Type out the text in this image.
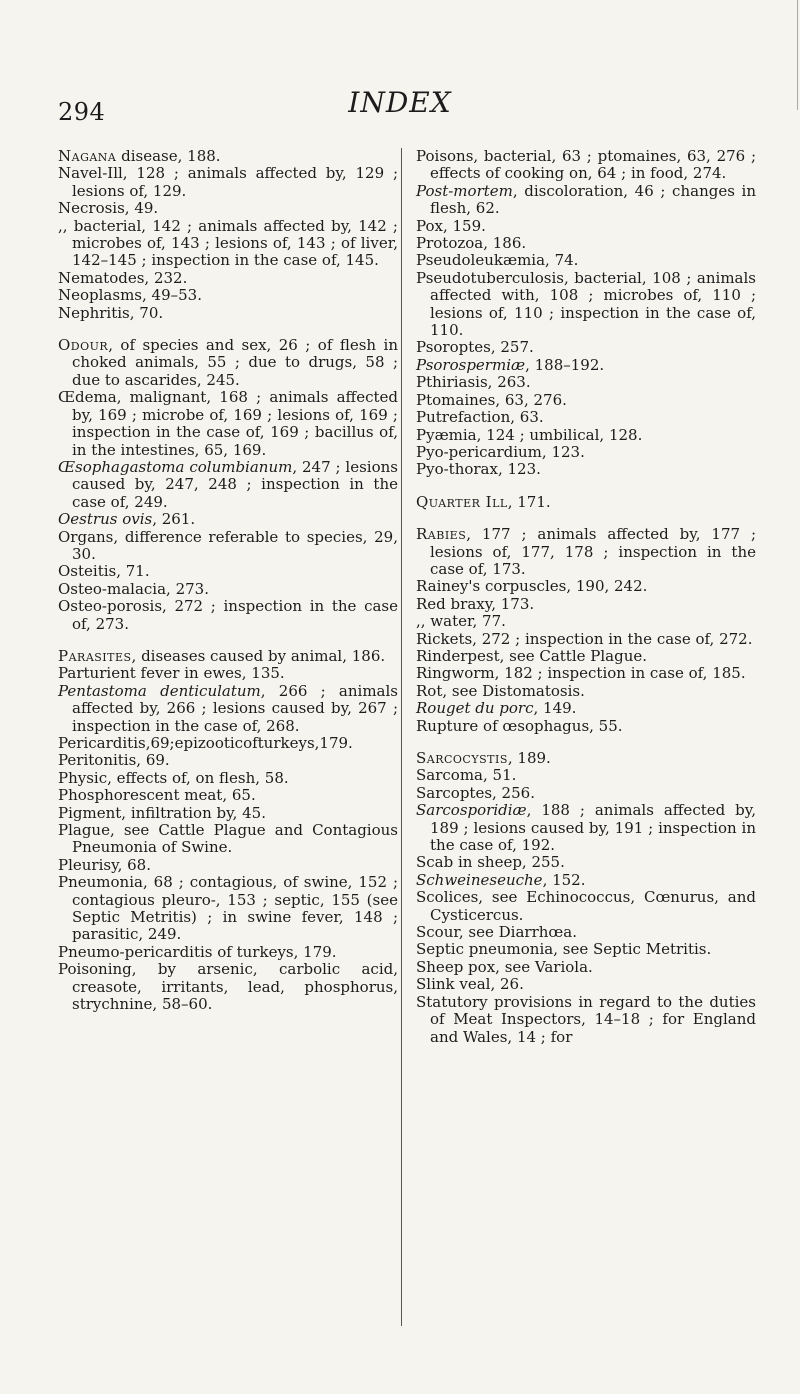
294	INDEX
Nagana disease, 188.
Navel-Ill, 128 ; animals affected by, 129 ; lesions of, 129.
Necrosis, 49.
,, bacterial, 142 ; animals affected by, 142 ; microbes of, 143 ; lesions of, 143 ; of liver, 142–145 ; inspection in the case of, 145.
Nematodes, 232.
Neoplasms, 49–53.
Nephritis, 70.
Odour, of species and sex, 26 ; of flesh in choked animals, 55 ; due to drugs, 58 ; due to ascarides, 245.
Œdema, malignant, 168 ; animals affected by, 169 ; microbe of, 169 ; lesions of, 169 ; inspection in the case of, 169 ; bacillus of, in the intestines, 65, 169.
Œsophagastoma columbianum, 247 ; lesions caused by, 247, 248 ; inspection in the case of, 249.
Oestrus ovis, 261.
Organs, difference referable to species, 29, 30.
Osteitis, 71.
Osteo-malacia, 273.
Osteo-porosis, 272 ; inspection in the case of, 273.
Parasites, diseases caused by animal, 186.
Parturient fever in ewes, 135.
Pentastoma denticulatum, 266 ; animals affected by, 266 ; lesions caused by, 267 ; inspection in the case of, 268.
Pericarditis,69;epizooticofturkeys,179.
Peritonitis, 69.
Physic, effects of, on flesh, 58.
Phosphorescent meat, 65.
Pigment, infiltration by, 45.
Plague, see Cattle Plague and Contagious Pneumonia of Swine.
Pleurisy, 68.
Pneumonia, 68 ; contagious, of swine, 152 ; contagious pleuro-, 153 ; septic, 155 (see Septic Metritis) ; in swine fever, 148 ; parasitic, 249.
Pneumo-pericarditis of turkeys, 179.
Poisoning, by arsenic, carbolic acid, creasote, irritants, lead, phosphorus, strychnine, 58–60.
Poisons, bacterial, 63 ; ptomaines, 63, 276 ; effects of cooking on, 64 ; in food, 274.
Post-mortem, discoloration, 46 ; changes in flesh, 62.
Pox, 159.
Protozoa, 186.
Pseudoleukæmia, 74.
Pseudotuberculosis, bacterial, 108 ; animals affected with, 108 ; microbes of, 110 ; lesions of, 110 ; inspection in the case of, 110.
Psoroptes, 257.
Psorospermiæ, 188–192.
Pthiriasis, 263.
Ptomaines, 63, 276.
Putrefaction, 63.
Pyæmia, 124 ; umbilical, 128.
Pyo-pericardium, 123.
Pyo-thorax, 123.
Quarter Ill, 171.
Rabies, 177 ; animals affected by, 177 ; lesions of, 177, 178 ; inspection in the case of, 173.
Rainey's corpuscles, 190, 242.
Red braxy, 173.
,, water, 77.
Rickets, 272 ; inspection in the case of, 272.
Rinderpest, see Cattle Plague.
Ringworm, 182 ; inspection in case of, 185.
Rot, see Distomatosis.
Rouget du porc, 149.
Rupture of œsophagus, 55.
Sarcocystis, 189.
Sarcoma, 51.
Sarcoptes, 256.
Sarcosporidiæ, 188 ; animals affected by, 189 ; lesions caused by, 191 ; inspection in the case of, 192.
Scab in sheep, 255.
Schweineseuche, 152.
Scolices, see Echinococcus, Cœnurus, and Cysticercus.
Scour, see Diarrhœa.
Septic pneumonia, see Septic Metritis.
Sheep pox, see Variola.
Slink veal, 26.
Statutory provisions in regard to the duties of Meat Inspectors, 14–18 ; for England and Wales, 14 ; for
